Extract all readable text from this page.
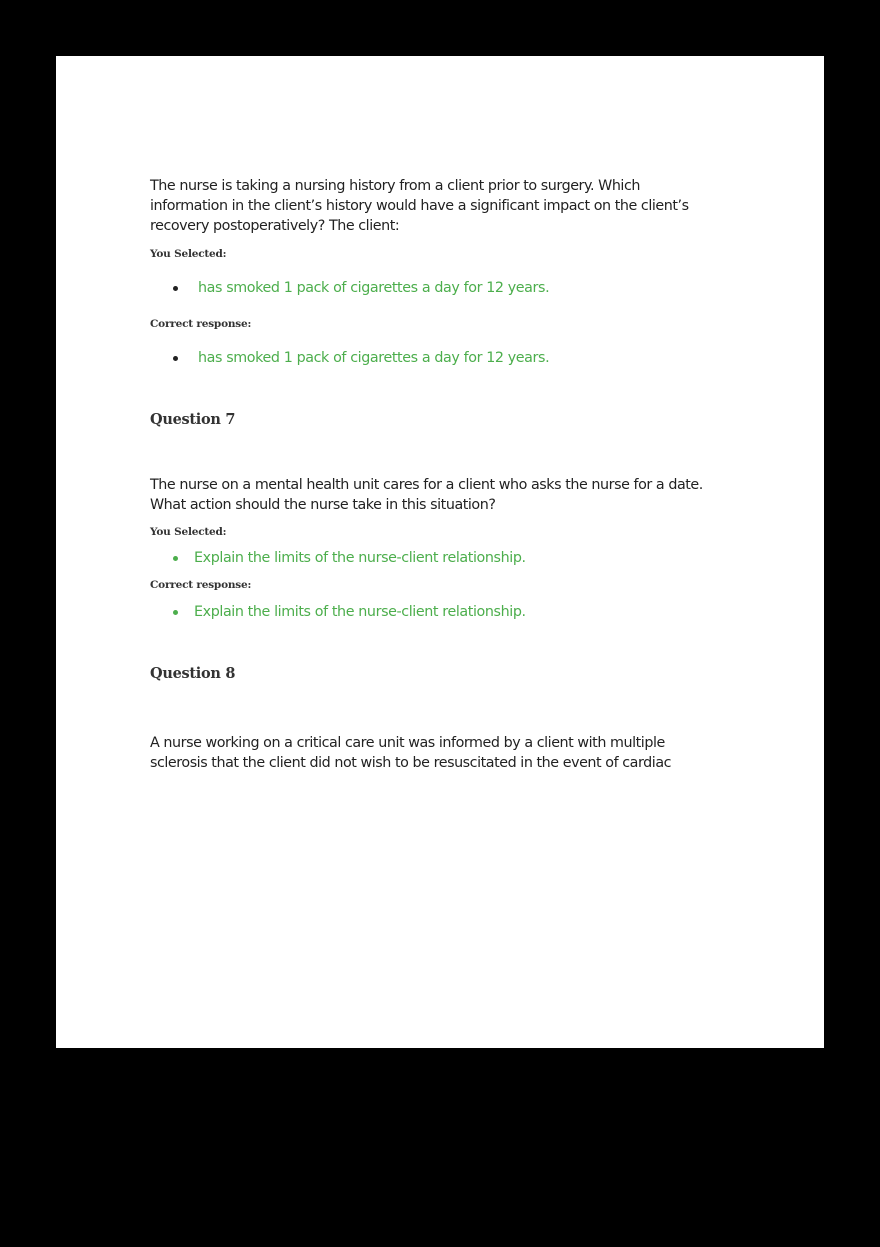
The nurse is taking a nursing history from a client prior to surgery. Which

information in the client’s history would have a significant impact on the client’s

recovery postoperatively? The client:

You Selected:

has smoked 1 pack of cigarettes a day for 12 years.

Correct response:

has smoked 1 pack of cigarettes a day for 12 years.

Question 7

The nurse on a mental health unit cares for a client who asks the nurse for a date.

What action should the nurse take in this situation?

You Selected:

Explain the limits of the nurse-client relationship.

Correct response:

Explain the limits of the nurse-client relationship.

Question 8

A nurse working on a critical care unit was informed by a client with multiple

sclerosis that the client did not wish to be resuscitated in the event of cardiac
